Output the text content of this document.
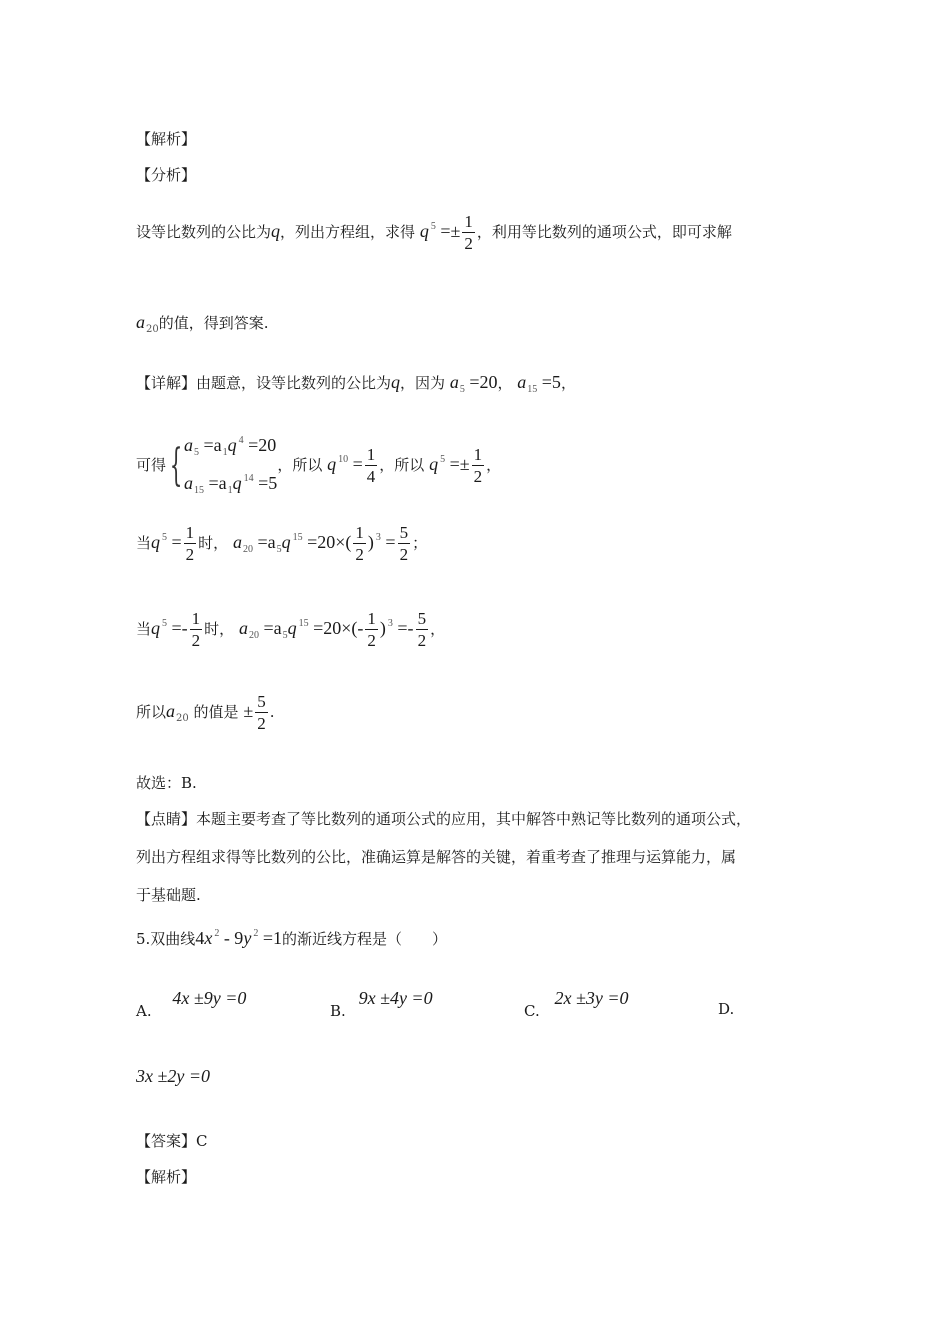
【解析】
【分析】
设等比数列的公比为q，列出方程组，求得 q $^5 =\pm \frac{1}{2}$ ，利用等比数列的通项公式，即可求解
$a_{20}$的值，得到答案.
【详解】由题意，设等比数列的公比为q，因为 $a_5 =20$， $a_{15} =5$，
可得{ $a_5 =a_1q$ $^4$ =20
$a_{15} =a_1q$ $^{14}$ =5
，所以 q $^{10} = \frac{1}{4}$ ，所以 q $^5 =\pm \frac{1}{2}$ ，
当q $^5 = \frac{1}{2}$ 时， $a_{20} =a_5q$ $^{15} =20\times( \frac{1}{2}$ ) $^3 = \frac{5}{2}$ ；
当q $^5 =- \frac{1}{2}$ 时， $a_{20} =a_5q$ $^{15} =20\times(- \frac{1}{2}$ ) $^3 =- \frac{5}{2}$ ，
所以$a_{20}$ 的值是 ± $\frac{5}{2}$ .
故选：B.
【点睛】本题主要考查了等比数列的通项公式的应用，其中解答中熟记等比数列的通项公式，
列出方程组求得等比数列的公比，准确运算是解答的关键，着重考查了推理与运算能力，属
于基础题.
5.双曲线4x $^2$ - 9y $^2$ =1的渐近线方程是（　　）
A. 4x ±9y =0
B. 9x ±4y =0
C. 2x ±3y =0
D.
3x ±2y =0
【答案】C
【解析】
